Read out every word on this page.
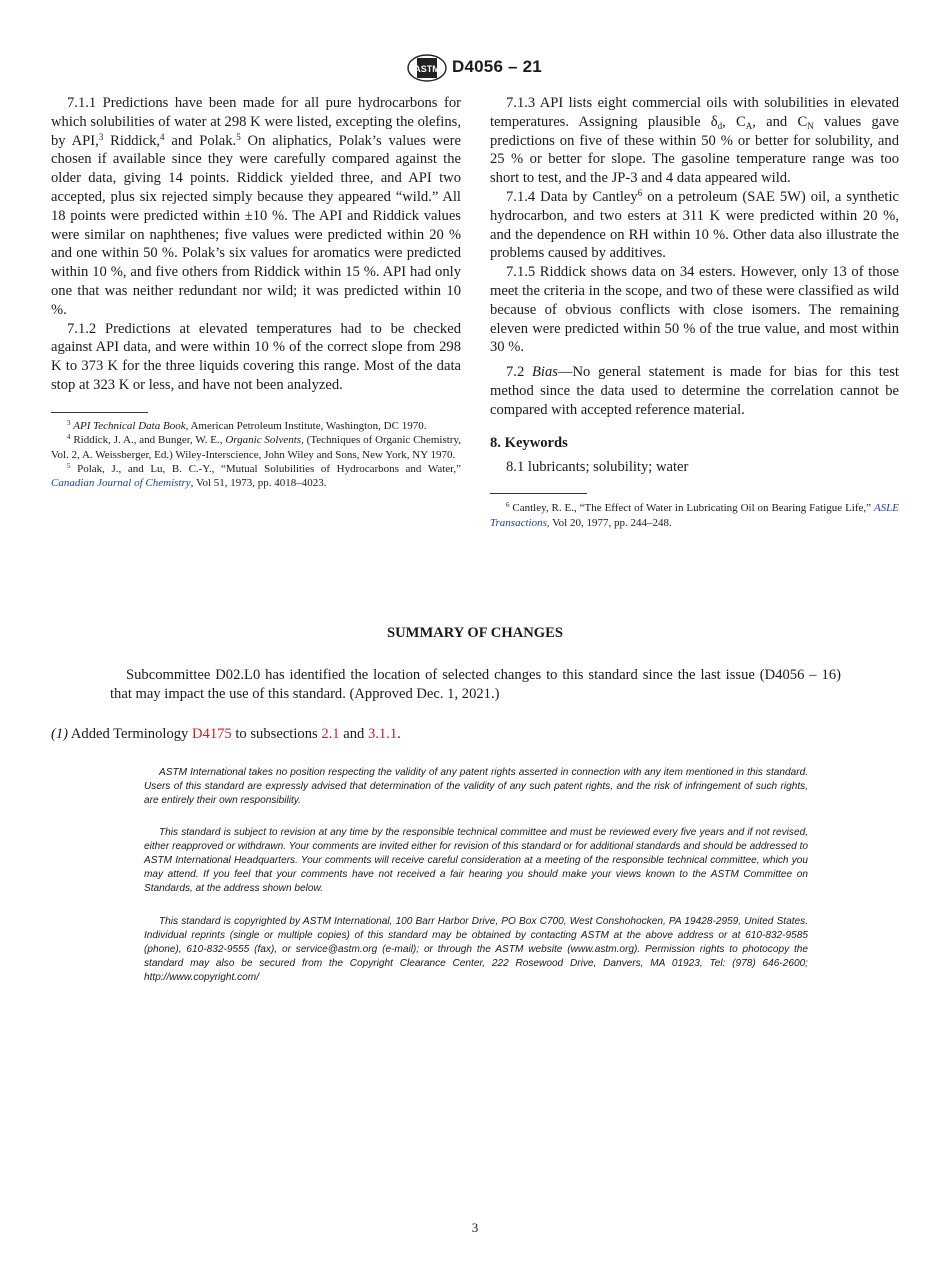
ASTM D4056 – 21

7.1.1 Predictions have been made for all pure hydrocarbons for which solubilities of water at 298 K were listed, excepting the olefins, by API,$^3$ Riddick,$^4$ and Polak.$^5$ On aliphatics, Polak’s values were chosen if available since they were carefully compared against the older data, giving 14 points. Riddick yielded three, and API two accepted, plus six rejected simply because they appeared “wild.” All 18 points were predicted within ±10 %. The API and Riddick values were similar on naphthenes; five values were predicted within 20 % and one within 50 %. Polak’s six values for aromatics were predicted within 10 %, and five others from Riddick within 15 %. API had only one that was neither redundant nor wild; it was predicted within 10 %.

7.1.2 Predictions at elevated temperatures had to be checked against API data, and were within 10 % of the correct slope from 298 K to 373 K for the three liquids covering this range. Most of the data stop at 323 K or less, and have not been analyzed.

$^3$ API Technical Data Book, American Petroleum Institute, Washington, DC 1970.

$^4$ Riddick, J. A., and Bunger, W. E., Organic Solvents, (Techniques of Organic Chemistry, Vol. 2, A. Weissberger, Ed.) Wiley-Interscience, John Wiley and Sons, New York, NY 1970.

$^5$ Polak, J., and Lu, B. C.-Y., “Mutual Solubilities of Hydrocarbons and Water,” Canadian Journal of Chemistry, Vol 51, 1973, pp. 4018–4023.

7.1.3 API lists eight commercial oils with solubilities in elevated temperatures. Assigning plausible $\delta_d$, $C_A$, and $C_N$ values gave predictions on five of these within 50 % or better for solubility, and 25 % or better for slope. The gasoline temperature range was too short to test, and the JP-3 and 4 data appeared wild.

7.1.4 Data by Cantley$^6$ on a petroleum (SAE 5W) oil, a synthetic hydrocarbon, and two esters at 311 K were predicted within 20 %, and the dependence on RH within 10 %. Other data also illustrate the problems caused by additives.

7.1.5 Riddick shows data on 34 esters. However, only 13 of those meet the criteria in the scope, and two of these were classified as wild because of obvious conflicts with close isomers. The remaining eleven were predicted within 50 % of the true value, and most within 30 %.

7.2 Bias—No general statement is made for bias for this test method since the data used to determine the correlation cannot be compared with accepted reference material.

8. Keywords

8.1 lubricants; solubility; water

$^6$ Cantley, R. E., “The Effect of Water in Lubricating Oil on Bearing Fatigue Life,” ASLE Transactions, Vol 20, 1977, pp. 244–248.

SUMMARY OF CHANGES
Subcommittee D02.L0 has identified the location of selected changes to this standard since the last issue (D4056 – 16) that may impact the use of this standard. (Approved Dec. 1, 2021.)
(1) Added Terminology D4175 to subsections 2.1 and 3.1.1.
ASTM International takes no position respecting the validity of any patent rights asserted in connection with any item mentioned in this standard. Users of this standard are expressly advised that determination of the validity of any such patent rights, and the risk of infringement of such rights, are entirely their own responsibility.
This standard is subject to revision at any time by the responsible technical committee and must be reviewed every five years and if not revised, either reapproved or withdrawn. Your comments are invited either for revision of this standard or for additional standards and should be addressed to ASTM International Headquarters. Your comments will receive careful consideration at a meeting of the responsible technical committee, which you may attend. If you feel that your comments have not received a fair hearing you should make your views known to the ASTM Committee on Standards, at the address shown below.
This standard is copyrighted by ASTM International, 100 Barr Harbor Drive, PO Box C700, West Conshohocken, PA 19428-2959, United States. Individual reprints (single or multiple copies) of this standard may be obtained by contacting ASTM at the above address or at 610-832-9585 (phone), 610-832-9555 (fax), or service@astm.org (e-mail); or through the ASTM website (www.astm.org). Permission rights to photocopy the standard may also be secured from the Copyright Clearance Center, 222 Rosewood Drive, Danvers, MA 01923, Tel: (978) 646-2600; http://www.copyright.com/
3
